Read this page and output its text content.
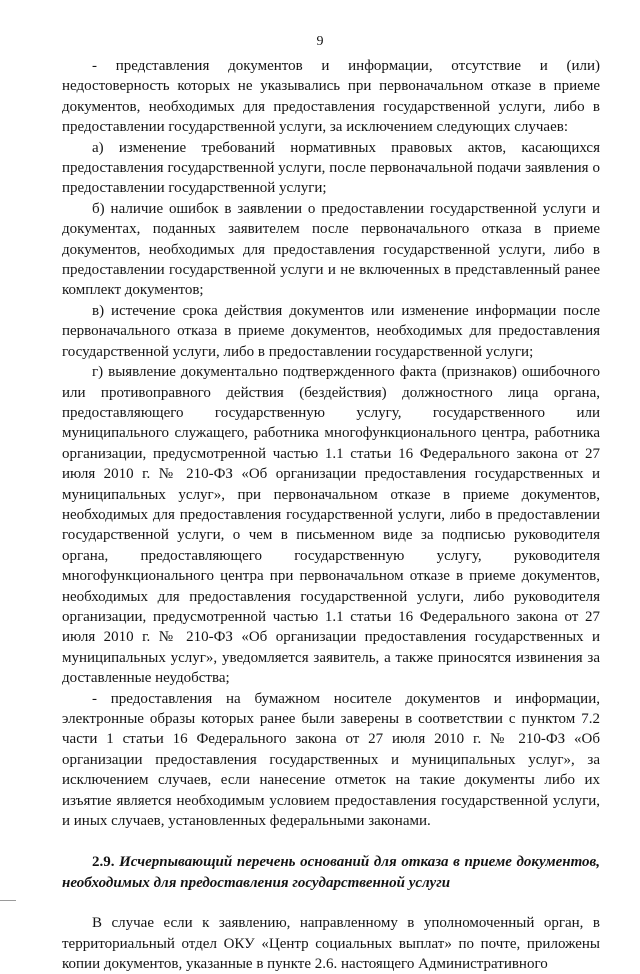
9

- представления документов и информации, отсутствие и (или) недостоверность которых не указывались при первоначальном отказе в приеме документов, необходимых для предоставления государственной услуги, либо в предоставлении государственной услуги, за исключением следующих случаев:

а) изменение требований нормативных правовых актов, касающихся предоставления государственной услуги, после первоначальной подачи заявления о предоставлении государственной услуги;

б) наличие ошибок в заявлении о предоставлении государственной услуги и документах, поданных заявителем после первоначального отказа в приеме документов, необходимых для предоставления государственной услуги, либо в предоставлении государственной услуги и не включенных в представленный ранее комплект документов;

в) истечение срока действия документов или изменение информации после первоначального отказа в приеме документов, необходимых для предоставления государственной услуги, либо в предоставлении государственной услуги;

г) выявление документально подтвержденного факта (признаков) ошибочного или противоправного действия (бездействия) должностного лица органа, предоставляющего государственную услугу, государственного или муниципального служащего, работника многофункционального центра, работника организации, предусмотренной частью 1.1 статьи 16 Федерального закона от 27 июля 2010 г. № 210-ФЗ «Об организации предоставления государственных и муниципальных услуг», при первоначальном отказе в приеме документов, необходимых для предоставления государственной услуги, либо в предоставлении государственной услуги, о чем в письменном виде за подписью руководителя органа, предоставляющего государственную услугу, руководителя многофункционального центра при первоначальном отказе в приеме документов, необходимых для предоставления государственной услуги, либо руководителя организации, предусмотренной частью 1.1 статьи 16 Федерального закона от 27 июля 2010 г. № 210-ФЗ «Об организации предоставления государственных и муниципальных услуг», уведомляется заявитель, а также приносятся извинения за доставленные неудобства;

- предоставления на бумажном носителе документов и информации, электронные образы которых ранее были заверены в соответствии с пунктом 7.2 части 1 статьи 16 Федерального закона от 27 июля 2010 г. № 210-ФЗ «Об организации предоставления государственных и муниципальных услуг», за исключением случаев, если нанесение отметок на такие документы либо их изъятие является необходимым условием предоставления государственной услуги, и иных случаев, установленных федеральными законами.

2.9. Исчерпывающий перечень оснований для отказа в приеме документов, необходимых для предоставления государственной услуги

В случае если к заявлению, направленному в уполномоченный орган, в территориальный отдел ОКУ «Центр социальных выплат» по почте, приложены копии документов, указанные в пункте 2.6. настоящего Административного
